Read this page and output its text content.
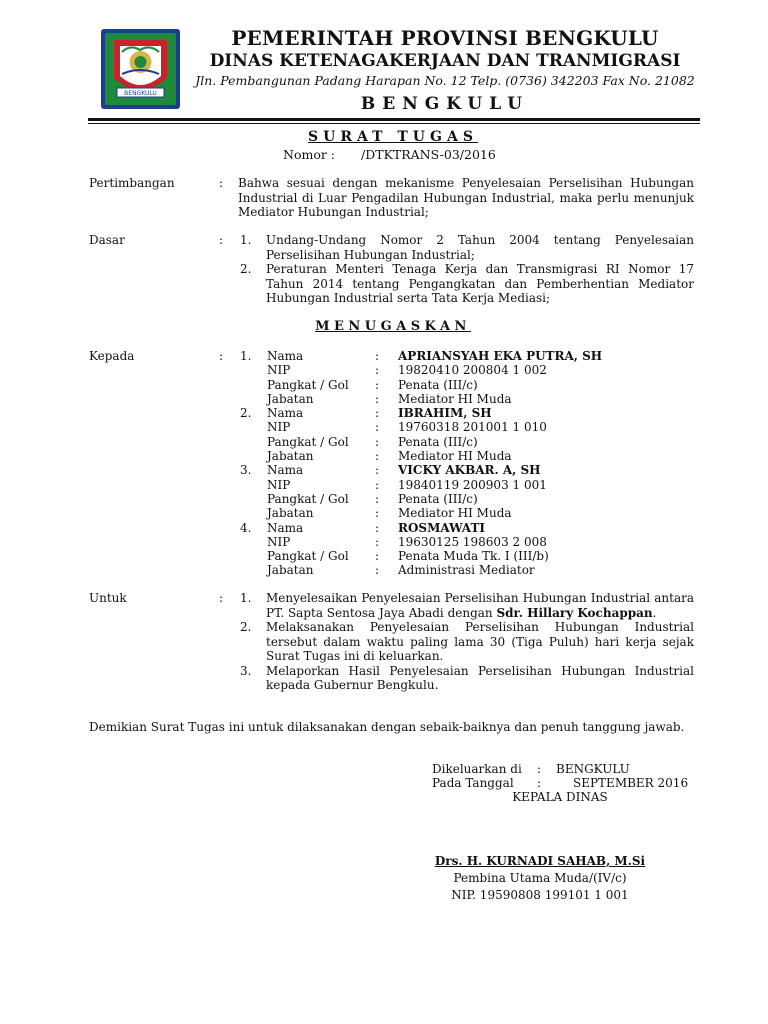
BENGKULU
PEMERINTAH PROVINSI BENGKULU
DINAS KETENAGAKERJAAN DAN TRANMIGRASI
Jln. Pembangunan Padang Harapan No. 12 Telp. (0736) 342203 Fax No. 21082
BENGKULU
SURAT TUGAS
Nomor : /DTKTRANS-03/2016
Pertimbangan	: Bahwa sesuai dengan mekanisme Penyelesaian Perselisihan Hubungan Industrial di Luar Pengadilan Hubungan Industrial, maka perlu menunjuk Mediator Hubungan Industrial;
Dasar	: 1. Undang-Undang Nomor 2 Tahun 2004 tentang Penyelesaian Perselisihan Hubungan Industrial;
2. Peraturan Menteri Tenaga Kerja dan Transmigrasi RI Nomor 17 Tahun 2014 tentang Pengangkatan dan Pemberhentian Mediator Hubungan Industrial serta Tata Kerja Mediasi;
MENUGASKAN
Kepada	: 1. Nama	: APRIANSYAH EKA PUTRA, SH
NIP	: 19820410 200804 1 002
Pangkat / Gol : Penata (III/c)
Jabatan	: Mediator HI Muda
2. Nama	: IBRAHIM, SH
NIP	: 19760318 201001 1 010
Pangkat / Gol : Penata (III/c)
Jabatan	: Mediator HI Muda
3. Nama	: VICKY AKBAR. A, SH
NIP	: 19840119 200903 1 001
Pangkat / Gol : Penata (III/c)
Jabatan	: Mediator HI Muda
4. Nama	: ROSMAWATI
NIP	: 19630125 198603 2 008
Pangkat / Gol : Penata Muda Tk. I (III/b)
Jabatan	: Administrasi Mediator
Untuk	: 1. Menyelesaikan Penyelesaian Perselisihan Hubungan Industrial antara PT. Sapta Sentosa Jaya Abadi dengan Sdr. Hillary Kochappan.
2. Melaksanakan Penyelesaian Perselisihan Hubungan Industrial tersebut dalam waktu paling lama 30 (Tiga Puluh) hari kerja sejak Surat Tugas ini di keluarkan.
3. Melaporkan Hasil Penyelesaian Perselisihan Hubungan Industrial kepada Gubernur Bengkulu.
Demikian Surat Tugas ini untuk dilaksanakan dengan sebaik-baiknya dan penuh tanggung jawab.
Dikeluarkan di : BENGKULU
Pada Tanggal :	SEPTEMBER 2016
KEPALA DINAS
Drs. H. KURNADI SAHAB, M.Si
Pembina Utama Muda/(IV/c)
NIP. 19590808 199101 1 001
